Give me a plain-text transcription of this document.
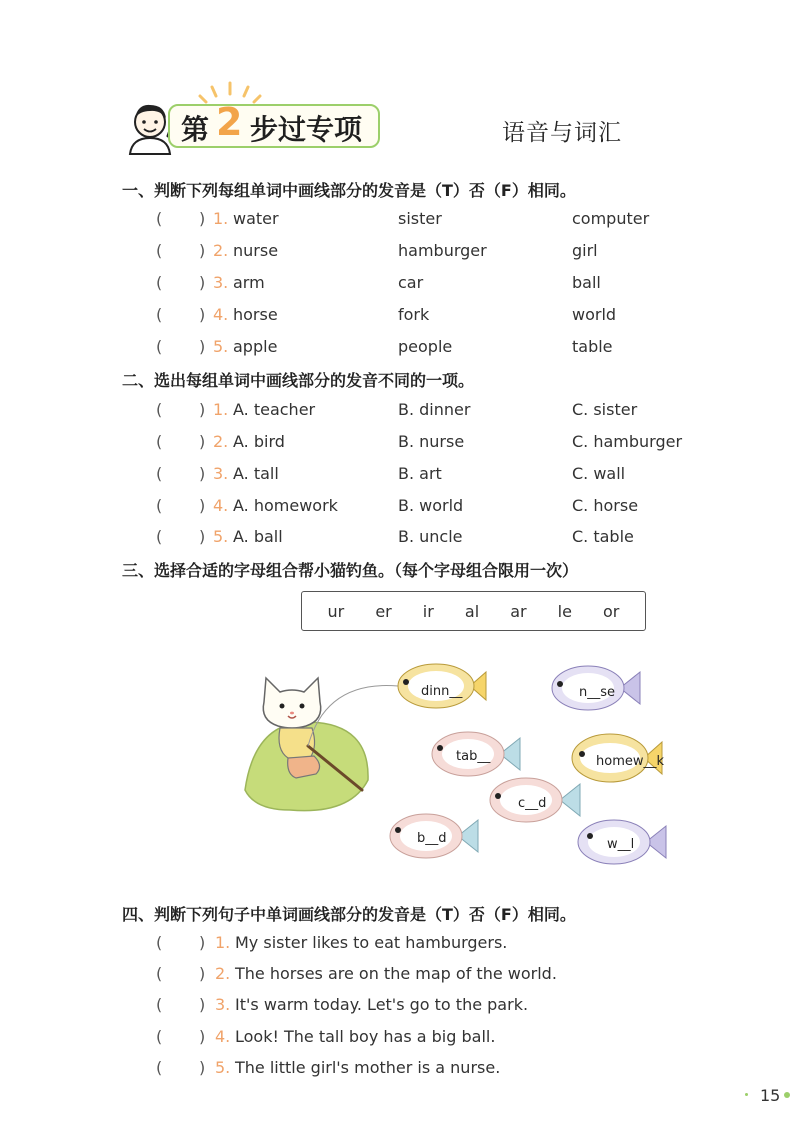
第 2 步过专项	语音与词汇
一、判断下列每组单词中画线部分的发音是（T）否（F）相同。
( ) 1. water	sister	computer
( ) 2. nurse	hamburger	girl
( ) 3. arm	car	ball
( ) 4. horse	fork	world
( ) 5. apple	people	table
二、选出每组单词中画线部分的发音不同的一项。
( ) 1. A. teacher	B. dinner	C. sister
( ) 2. A. bird	B. nurse	C. hamburger
( ) 3. A. tall	B. art	C. wall
( ) 4. A. homework	B. world	C. horse
( ) 5. A. ball	B. uncle	C. table
三、选择合适的字母组合帮小猫钓鱼。（每个字母组合限用一次）
ur er ir al ar le or
dinn__	n__se
tab__	homew__k
c__d
b__d	w__l
四、判断下列句子中单词画线部分的发音是（T）否（F）相同。
( ) 1. My sister likes to eat hamburgers.
( ) 2. The horses are on the map of the world.
( ) 3. It's warm today. Let's go to the park.
( ) 4. Look! The tall boy has a big ball.
( ) 5. The little girl's mother is a nurse.
15
